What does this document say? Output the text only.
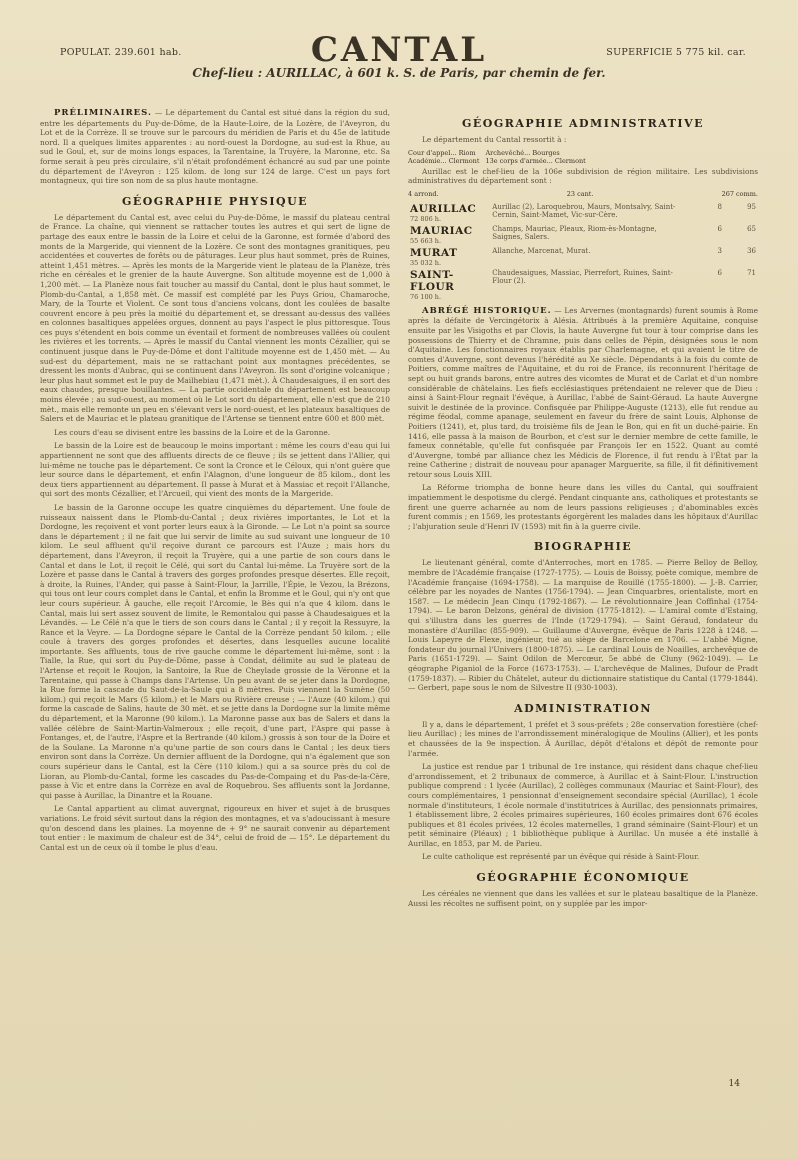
POPULAT. 239.601 hab.	CANTAL	SUPERFICIE 5 775 kil. car.
Chef-lieu : AURILLAC, à 601 k. S. de Paris, par chemin de fer.

PRÉLIMINAIRES. — Le département du Cantal est situé dans la région du sud, entre les départements du Puy-de-Dôme, de la Haute-Loire, de la Lozère, de l'Aveyron, du Lot et de la Corrèze. Il se trouve sur le parcours du méridien de Paris et du 45e de latitude nord. Il a quelques limites apparentes : au nord-ouest la Dordogne, au sud-est la Rhue, au sud le Goul, et, sur de moins longs espaces, la Tarentaine, la Truyère, la Maronne, etc. Sa forme serait à peu près circulaire, s'il n'était profondément échancré au sud par une pointe du département de l'Aveyron : 125 kilom. de long sur 124 de large. C'est un pays fort montagneux, qui tire son nom de sa plus haute montagne.

GÉOGRAPHIE PHYSIQUE

Le département du Cantal est, avec celui du Puy-de-Dôme, le massif du plateau central de France. La chaîne, qui viennent se rattacher toutes les autres et qui sert de ligne de partage des eaux entre le bassin de la Loire et celui de la Garonne, est formée d'abord des monts de la Margeride, qui viennent de la Lozère. Ce sont des montagnes granitiques, peu accidentées et couvertes de forêts ou de pâturages. Leur plus haut sommet, près de Ruines, atteint 1,451 mètres. — Après les monts de la Margeride vient le plateau de la Planèze, très riche en céréales et le grenier de la haute Auvergne. Son altitude moyenne est de 1,000 à 1,200 mèt. — La Planèze nous fait toucher au massif du Cantal, dont le plus haut sommet, le Plomb-du-Cantal, a 1,858 mèt. Ce massif est complété par les Puys Griou, Chamaroche, Mary, de la Tourte et Violent. Ce sont tous d'anciens volcans, dont les coulées de basalte couvrent encore à peu près la moitié du département et, se dressant au-dessus des vallées en colonnes basaltiques appelées orgues, donnent au pays l'aspect le plus pittoresque. Tous ces puys s'étendent en bois comme un éventail et forment de nombreuses vallées où coulent les rivières et les torrents. — Après le massif du Cantal viennent les monts Cézallier, qui se continuent jusque dans le Puy-de-Dôme et dont l'altitude moyenne est de 1,450 mèt. — Au sud-est du département, mais ne se rattachant point aux montagnes précédentes, se dressent les monts d'Aubrac, qui se continuent dans l'Aveyron. Ils sont d'origine volcanique ; leur plus haut sommet est le puy de Mailhebiau (1,471 mèt.). À Chaudesaigues, il en sort des eaux chaudes, presque bouillantes. — La partie occidentale du département est beaucoup moins élevée ; au sud-ouest, au moment où le Lot sort du département, elle n'est que de 210 mèt., mais elle remonte un peu en s'élevant vers le nord-ouest, et les plateaux basaltiques de Salers et de Mauriac et le plateau granitique de l'Artense se tiennent entre 600 et 800 mèt.

Les cours d'eau se divisent entre les bassins de la Loire et de la Garonne.

Le bassin de la Loire est de beaucoup le moins important : même les cours d'eau qui lui appartiennent ne sont que des affluents directs de ce fleuve ; ils se jettent dans l'Allier, qui lui-même ne touche pas le département. Ce sont la Cronce et le Céloux, qui n'ont guère que leur source dans le département, et enfin l'Alagnon, d'une longueur de 85 kilom., dont les deux tiers appartiennent au département. Il passe à Murat et à Massiac et reçoit l'Allanche, qui sort des monts Cézallier, et l'Arcueil, qui vient des monts de la Margeride.

Le bassin de la Garonne occupe les quatre cinquièmes du département. Une foule de ruisseaux naissent dans le Plomb-du-Cantal ; deux rivières importantes, le Lot et la Dordogne, les reçoivent et vont porter leurs eaux à la Gironde. — Le Lot n'a point sa source dans le département ; il ne fait que lui servir de limite au sud suivant une longueur de 10 kilom. Le seul affluent qu'il reçoive durant ce parcours est l'Auze ; mais hors du département, dans l'Aveyron, il reçoit la Truyère, qui a une partie de son cours dans le Cantal et dans le Lot, il reçoit le Célé, qui sort du Cantal lui-même. La Truyère sort de la Lozère et passe dans le Cantal à travers des gorges profondes presque désertes. Elle reçoit, à droite, la Ruines, l'Ander, qui passe à Saint-Flour, la Jarrille, l'Épie, le Vezou, la Brézons, qui tous ont leur cours complet dans le Cantal, et enfin la Bromme et le Goul, qui n'y ont que leur cours supérieur. À gauche, elle reçoit l'Arcomie, le Bès qui n'a que 4 kilom. dans le Cantal, mais lui sert assez souvent de limite, le Remontalou qui passe à Chaudesaigues et la Lévandès. — Le Célé n'a que le tiers de son cours dans le Cantal ; il y reçoit la Ressuyre, la Rance et la Veyre. — La Dordogne sépare le Cantal de la Corrèze pendant 50 kilom. ; elle coule à travers des gorges profondes et désertes, dans lesquelles aucune localité importante. Ses affluents, tous de rive gauche comme le département lui-même, sont : la Tialle, la Rue, qui sort du Puy-de-Dôme, passe à Condat, délimite au sud le plateau de l'Artense et reçoit le Roujon, la Santoire, la Rue de Cheylade grossie de la Véronne et la Tarentaine, qui passe à Champs dans l'Artense. Un peu avant de se jeter dans la Dordogne, la Rue forme la cascade du Saut-de-la-Saule qui a 8 mètres. Puis viennent la Sumène (50 kilom.) qui reçoit le Mars (5 kilom.) et le Mars ou Rivière creuse ; — l'Auze (40 kilom.) qui forme la cascade de Salins, haute de 30 mèt. et se jette dans la Dordogne sur la limite même du département, et la Maronne (90 kilom.). La Maronne passe aux bas de Salers et dans la vallée célèbre de Saint-Martin-Valmeroux ; elle reçoit, d'une part, l'Aspre qui passe à Fontanges, et, de l'autre, l'Aspre et la Bertrande (40 kilom.) grossis à son tour de la Doire et de la Soulane. La Maronne n'a qu'une partie de son cours dans le Cantal ; les deux tiers environ sont dans la Corrèze. Un dernier affluent de la Dordogne, qui n'a également que son cours supérieur dans le Cantal, est la Cère (110 kilom.) qui a sa source près du col de Lioran, au Plomb-du-Cantal, forme les cascades du Pas-de-Compaing et du Pas-de-la-Cère, passe à Vic et entre dans la Corrèze en aval de Roquebrou. Ses affluents sont la Jordanne, qui passe à Aurillac, la Dinantre et la Rouane.

Le Cantal appartient au climat auvergnat, rigoureux en hiver et sujet à de brusques variations. Le froid sévit surtout dans la région des montagnes, et va s'adoucissant à mesure qu'on descend dans les plaines. La moyenne de + 9° ne saurait convenir au département tout entier : le maximum de chaleur est de 34°, celui de froid de — 15°. Le département du Cantal est un de ceux où il tombe le plus d'eau.

GÉOGRAPHIE ADMINISTRATIVE

Le département du Cantal ressortit à :

Cour d'appel... Riom
Académie... Clermont
Archevêché... Bourges
13e corps d'armée... Clermont

Aurillac est le chef-lieu de la 106e subdivision de région militaire. Les subdivisions administratives du département sont :

4 arrond.	23 cant.	267 comm.
AURILLAC
72 806 h.	Aurillac (2), Laroquebrou, Maurs, Montsalvy, Saint-Cernin, Saint-Mamet, Vic-sur-Cère.	8	95

MAURIAC
55 663 h.	Champs, Mauriac, Pleaux, Riom-ès-Montagne, Saignes, Salers.	6	65

MURAT
35 032 h.	Allanche, Marcenat, Murat.	3	36

SAINT-FLOUR
76 100 h.	Chaudesaigues, Massiac, Pierrefort, Ruines, Saint-Flour (2).	6	71

ABRÉGÉ HISTORIQUE. — Les Arvernes (montagnards) furent soumis à Rome après la défaite de Vercingétorix à Alésia. Attribués à la première Aquitaine, conquise ensuite par les Visigoths et par Clovis, la haute Auvergne fut tour à tour comprise dans les possessions de Thierry et de Chramne, puis dans celles de Pépin, désignées sous le nom d'Aquitaine. Les fonctionnaires royaux établis par Charlemagne, et qui avaient le titre de comtes d'Auvergne, sont devenus l'hérédité au Xe siècle. Dépendants à la fois du comte de Poitiers, comme maîtres de l'Aquitaine, et du roi de France, ils reconnurent l'héritage de sept ou huit grands barons, entre autres des vicomtes de Murat et de Carlat et d'un nombre considérable de châtelains. Les fiefs ecclésiastiques prétendaient ne relever que de Dieu : ainsi à Saint-Flour regnait l'évêque, à Aurillac, l'abbé de Saint-Géraud. La haute Auvergne suivit le destinée de la province. Confisquée par Philippe-Auguste (1213), elle fut rendue au régime féodal, comme apanage, seulement en faveur du frère de saint Louis, Alphonse de Poitiers (1241), et, plus tard, du troisième fils de Jean le Bon, qui en fit un duché-pairie. En 1416, elle passa à la maison de Bourbon, et c'est sur le dernier membre de cette famille, le fameux connétable, qu'elle fut confisquée par François Ier en 1522. Quant au comté d'Auvergne, tombé par alliance chez les Médicis de Florence, il fut rendu à l'État par la reine Catherine ; distrait de nouveau pour apanager Marguerite, sa fille, il fit définitivement retour sous Louis XIII.

La Réforme triompha de bonne heure dans les villes du Cantal, qui souffraient impatiemment le despotisme du clergé. Pendant cinquante ans, catholiques et protestants se firent une guerre acharnée au nom de leurs passions religieuses ; d'abominables excès furent commis ; en 1569, les protestants égorgèrent les malades dans les hôpitaux d'Aurillac ; l'abjuration seule d'Henri IV (1593) mit fin à la guerre civile.

BIOGRAPHIE

Le lieutenant général, comte d'Anterroches, mort en 1785. — Pierre Belloy de Belloy, membre de l'Académie française (1727-1775). — Louis de Boissy, poète comique, membre de l'Académie française (1694-1758). — La marquise de Rouillé (1755-1800). — J.-B. Carrier, célèbre par les noyades de Nantes (1756-1794). — Jean Cinquarbres, orientaliste, mort en 1587. — Le médecin Jean Cinqu (1792-1867). — Le révolutionnaire Jean Coffinhal (1754-1794). — Le baron Delzons, général de division (1775-1812). — L'amiral comte d'Estaing, qui s'illustra dans les guerres de l'Inde (1729-1794). — Saint Géraud, fondateur du monastère d'Aurillac (855-909). — Guillaume d'Auvergne, évêque de Paris 1228 à 1248. — Louis Lapeyre de Flexe, ingénieur, tué au siège de Barcelone en 1706. — L'abbé Migne, fondateur du journal l'Univers (1800-1875). — Le cardinal Louis de Noailles, archevêque de Paris (1651-1729). — Saint Odilon de Mercœur, 5e abbé de Cluny (962-1049). — Le géographe Piganiol de la Force (1673-1753). — L'archevêque de Malines, Dufour de Pradt (1759-1837). — Ribier du Châtelet, auteur du dictionnaire statistique du Cantal (1779-1844). — Gerbert, pape sous le nom de Silvestre II (930-1003).

ADMINISTRATION

Il y a, dans le département, 1 préfet et 3 sous-préfets ; 28e conservation forestière (chef-lieu Aurillac) ; les mines de l'arrondissement minéralogique de Moulins (Allier), et les ponts et chaussées de la 9e inspection. À Aurillac, dépôt d'étalons et dépôt de remonte pour l'armée.

La justice est rendue par 1 tribunal de 1re instance, qui résident dans chaque chef-lieu d'arrondissement, et 2 tribunaux de commerce, à Aurillac et à Saint-Flour. L'instruction publique comprend : 1 lycée (Aurillac), 2 collèges communaux (Mauriac et Saint-Flour), des cours complémentaires, 1 pensionnat d'enseignement secondaire spécial (Aurillac), 1 école normale d'instituteurs, 1 école normale d'institutrices à Aurillac, des pensionnats primaires, 1 établissement libre, 2 écoles primaires supérieures, 160 écoles primaires dont 676 écoles publiques et 81 écoles privées, 12 écoles maternelles, 1 grand séminaire (Saint-Flour) et un petit séminaire (Pléaux) ; 1 bibliothèque publique à Aurillac. Un musée a été installé à Aurillac, en 1853, par M. de Parieu.

Le culte catholique est représenté par un évêque qui réside à Saint-Flour.

GÉOGRAPHIE ÉCONOMIQUE

Les céréales ne viennent que dans les vallées et sur le plateau basaltique de la Planèze. Aussi les récoltes ne suffisent point, on y supplée par les impor-

14
